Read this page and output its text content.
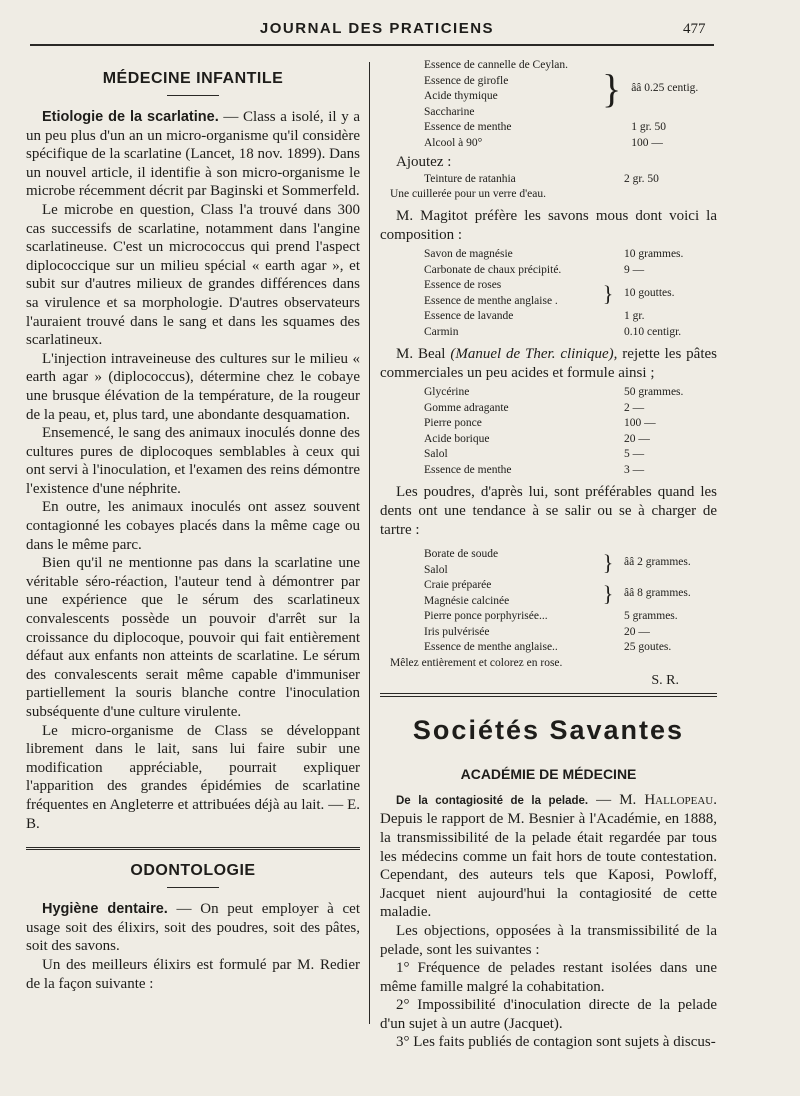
JOURNAL DES PRATICIENS	477
MÉDECINE INFANTILE

Etiologie de la scarlatine. — Class a isolé, il y a un peu plus d'un an un micro-organisme qu'il considère spécifique de la scarlatine (Lancet, 18 nov. 1899). Dans un nouvel article, il identifie à son micro-organisme le microbe récemment décrit par Baginski et Sommerfeld.

Le microbe en question, Class l'a trouvé dans 300 cas successifs de scarlatine, notamment dans l'angine scarlatineuse. C'est un micrococcus qui prend l'aspect diplococcique sur un milieu spécial « earth agar », et subit sur d'autres milieux de grandes différences dans sa virulence et sa morphologie. D'autres observateurs l'auraient trouvé dans le sang et dans les squames des scarlatineux.

L'injection intraveineuse des cultures sur le milieu « earth agar » (diplococcus), détermine chez le cobaye une brusque élévation de la température, de la rougeur de la peau, et, plus tard, une abondante desquamation.

Ensemencé, le sang des animaux inoculés donne des cultures pures de diplocoques semblables à ceux qui ont servi à l'inoculation, et l'examen des reins démontre l'existence d'une néphrite.

En outre, les animaux inoculés ont assez souvent contagionné les cobayes placés dans la même cage ou dans le même parc.

Bien qu'il ne mentionne pas dans la scarlatine une véritable séro-réaction, l'auteur tend à démontrer par une expérience que le sérum des scarlatineux convalescents possède un pouvoir d'arrêt sur la croissance du diplocoque, pouvoir qui fait entièrement défaut aux enfants non atteints de scarlatine. Le sérum des convalescents serait même capable d'immuniser partiellement la souris blanche contre l'inoculation subséquente d'une culture virulente.

Le micro-organisme de Class se développant librement dans le lait, sans lui faire subir une modification appréciable, pourrait expliquer l'apparition des grandes épidémies de scarlatine fréquentes en Angleterre et attribuées déjà au lait. — E. B.

ODONTOLOGIE

Hygiène dentaire. — On peut employer à cet usage soit des élixirs, soit des poudres, soit des pâtes, soit des savons.

Un des meilleurs élixirs est formulé par M. Redier de la façon suivante :

Essence de cannelle de Ceylan.	}	ââ 0.25 centig.
Essence de girofle		
Acide thymique		
Saccharine		
Essence de menthe		1 gr. 50
Alcool à 90°		100 —

Ajoutez :

Teinture de ratanhia		2 gr. 50
Une cuillerée pour un verre d'eau.

M. Magitot préfère les savons mous dont voici la composition :

Savon de magnésie		10 grammes.
Carbonate de chaux précipité.		9 —
Essence de roses	}	10 gouttes.
Essence de menthe anglaise .		
Essence de lavande		1 gr.
Carmin		0.10 centigr.

M. Beal (Manuel de Ther. clinique), rejette les pâtes commerciales un peu acides et formule ainsi ;

Glycérine		50 grammes.
Gomme adragante		2 —
Pierre ponce		100 —
Acide borique		20 —
Salol		5 —
Essence de menthe		3 —

Les poudres, d'après lui, sont préférables quand les dents ont une tendance à se salir ou se à charger de tartre :

Borate de soude	}	ââ 2 grammes.
Salol		
Craie préparée	}	ââ 8 grammes.
Magnésie calcinée		
Pierre ponce porphyrisée...		5 grammes.
Iris pulvérisée		20 —
Essence de menthe anglaise..		25 goutes.
Mêlez entièrement et colorez en rose.
S. R.
Sociétés Savantes
ACADÉMIE DE MÉDECINE

De la contagiosité de la pelade. — M. Hallopeau. Depuis le rapport de M. Besnier à l'Académie, en 1888, la transmissibilité de la pelade était regardée par tous les médecins comme un fait hors de toute contestation. Cependant, des auteurs tels que Kaposi, Powloff, Jacquet nient aujourd'hui la contagiosité de cette maladie.

Les objections, opposées à la transmissibilité de la pelade, sont les suivantes :

1° Fréquence de pelades restant isolées dans une même famille malgré la cohabitation.

2° Impossibilité d'inoculation directe de la pelade d'un sujet à un autre (Jacquet).

3° Les faits publiés de contagion sont sujets à discus-
